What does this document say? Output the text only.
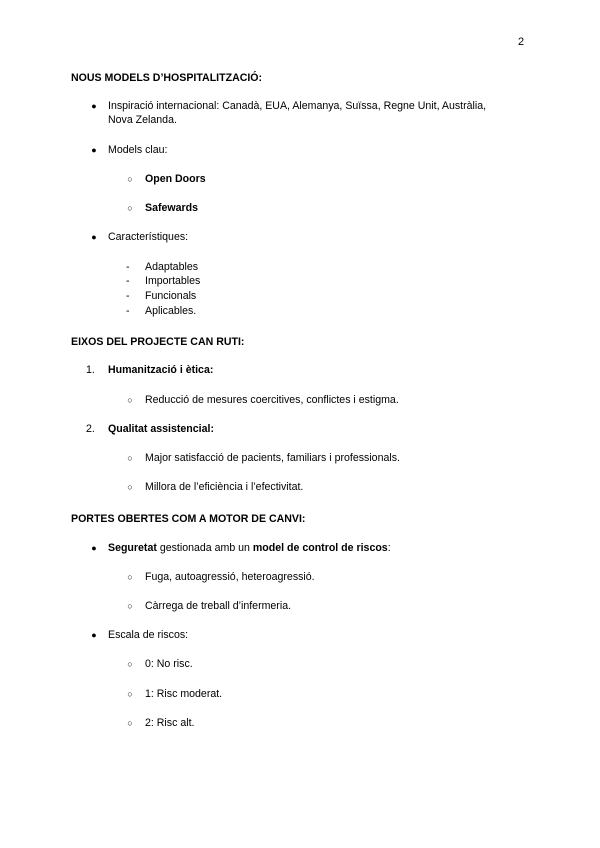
2
NOUS MODELS D’HOSPITALITZACIÓ:
● Inspiració internacional: Canadà, EUA, Alemanya, Suïssa, Regne Unit, Austràlia,
Nova Zelanda.
● Models clau:
○ Open Doors
○ Safewards
● Característiques:
- Adaptables
- Importables
- Funcionals
- Aplicables.
EIXOS DEL PROJECTE CAN RUTI:
1. Humanització i ètica:
○ Reducció de mesures coercitives, conflictes i estigma.
2. Qualitat assistencial:
○ Major satisfacció de pacients, familiars i professionals.
○ Millora de l’eficiència i l’efectivitat.
PORTES OBERTES COM A MOTOR DE CANVI:
● Seguretat gestionada amb un model de control de riscos:
○ Fuga, autoagressió, heteroagressió.
○ Càrrega de treball d’infermeria.
● Escala de riscos:
○ 0: No risc.
○ 1: Risc moderat.
○ 2: Risc alt.
